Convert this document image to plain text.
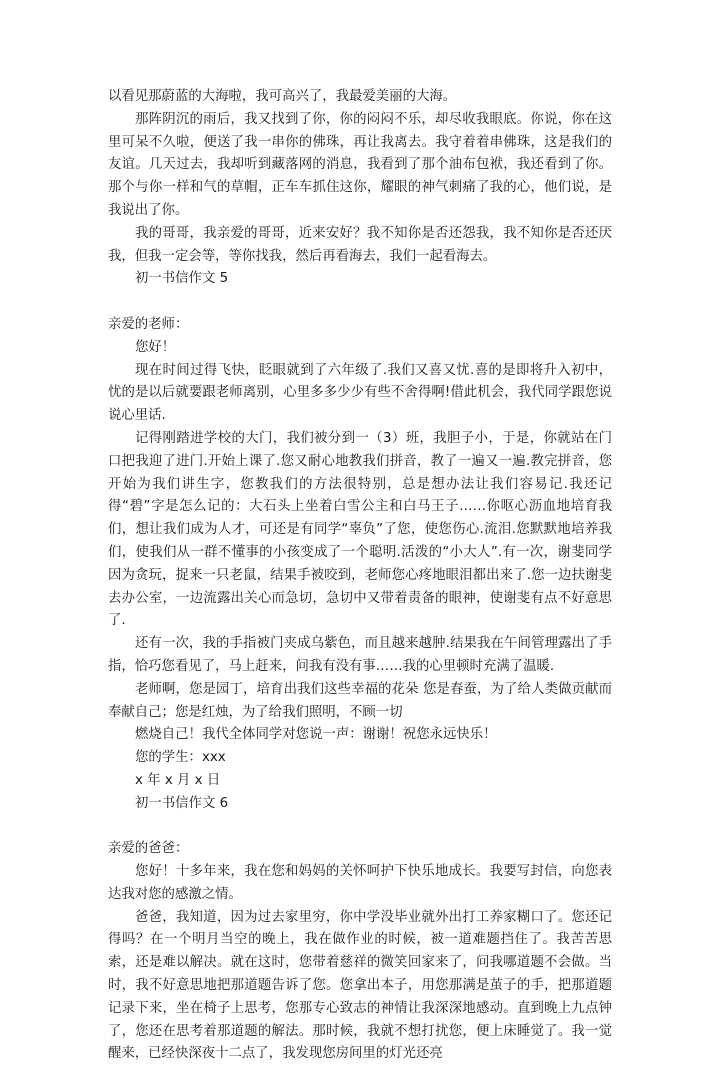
以看见那蔚蓝的大海啦，我可高兴了，我最爱美丽的大海。

那阵阴沉的雨后，我又找到了你，你的闷闷不乐，却尽收我眼底。你说，你在这里可呆不久啦，便送了我一串你的佛珠，再让我离去。我守着着串佛珠，这是我们的友谊。几天过去，我却听到藏落网的消息，我看到了那个油布包袱，我还看到了你。那个与你一样和气的草帽，正车车抓住这你，耀眼的神气刺痛了我的心，他们说，是我说出了你。

我的哥哥，我亲爱的哥哥，近来安好？我不知你是否还怨我，我不知你是否还厌我，但我一定会等，等你找我，然后再看海去，我们一起看海去。

初一书信作文 5

亲爱的老师：

您好！

现在时间过得飞快，眨眼就到了六年级了.我们又喜又忧.喜的是即将升入初中，忧的是以后就要跟老师离别，心里多多少少有些不舍得啊!借此机会，我代同学跟您说说心里话.

记得刚踏进学校的大门，我们被分到一（3）班，我胆子小，于是，你就站在门口把我迎了进门.开始上课了.您又耐心地教我们拼音，教了一遍又一遍.教完拼音，您开始为我们讲生字，您教我们的方法很特别，总是想办法让我们容易记.我还记得“碧”字是怎么记的：大石头上坐着白雪公主和白马王子……你呕心沥血地培育我们，想让我们成为人才，可还是有同学“辜负”了您，使您伤心.流泪.您默默地培养我们，使我们从一群不懂事的小孩变成了一个聪明.活泼的“小大人”.有一次，谢斐同学因为贪玩，捉来一只老鼠，结果手被咬到，老师您心疼地眼泪都出来了.您一边扶谢斐去办公室，一边流露出关心而急切，急切中又带着责备的眼神，使谢斐有点不好意思了.

还有一次，我的手指被门夹成乌紫色，而且越来越肿.结果我在午间管理露出了手指，恰巧您看见了，马上赶来，问我有没有事……我的心里顿时充满了温暖.

老师啊，您是园丁，培育出我们这些幸福的花朵 您是春蚕，为了给人类做贡献而奉献自己；您是红烛，为了给我们照明，不顾一切

燃烧自己！我代全体同学对您说一声：谢谢！祝您永远快乐！

您的学生：xxx

x 年 x 月 x 日

初一书信作文 6

亲爱的爸爸：

您好！十多年来，我在您和妈妈的关怀呵护下快乐地成长。我要写封信，向您表达我对您的感激之情。

爸爸，我知道，因为过去家里穷，你中学没毕业就外出打工养家糊口了。您还记得吗？在一个明月当空的晚上，我在做作业的时候，被一道难题挡住了。我苦苦思索，还是难以解决。就在这时，您带着慈祥的微笑回家来了，问我哪道题不会做。当时，我不好意思地把那道题告诉了您。您拿出本子，用您那满是茧子的手，把那道题记录下来，坐在椅子上思考，您那专心致志的神情让我深深地感动。直到晚上九点钟了，您还在思考着那道题的解法。那时候，我就不想打扰您，便上床睡觉了。我一觉醒来，已经快深夜十二点了，我发现您房间里的灯光还亮
